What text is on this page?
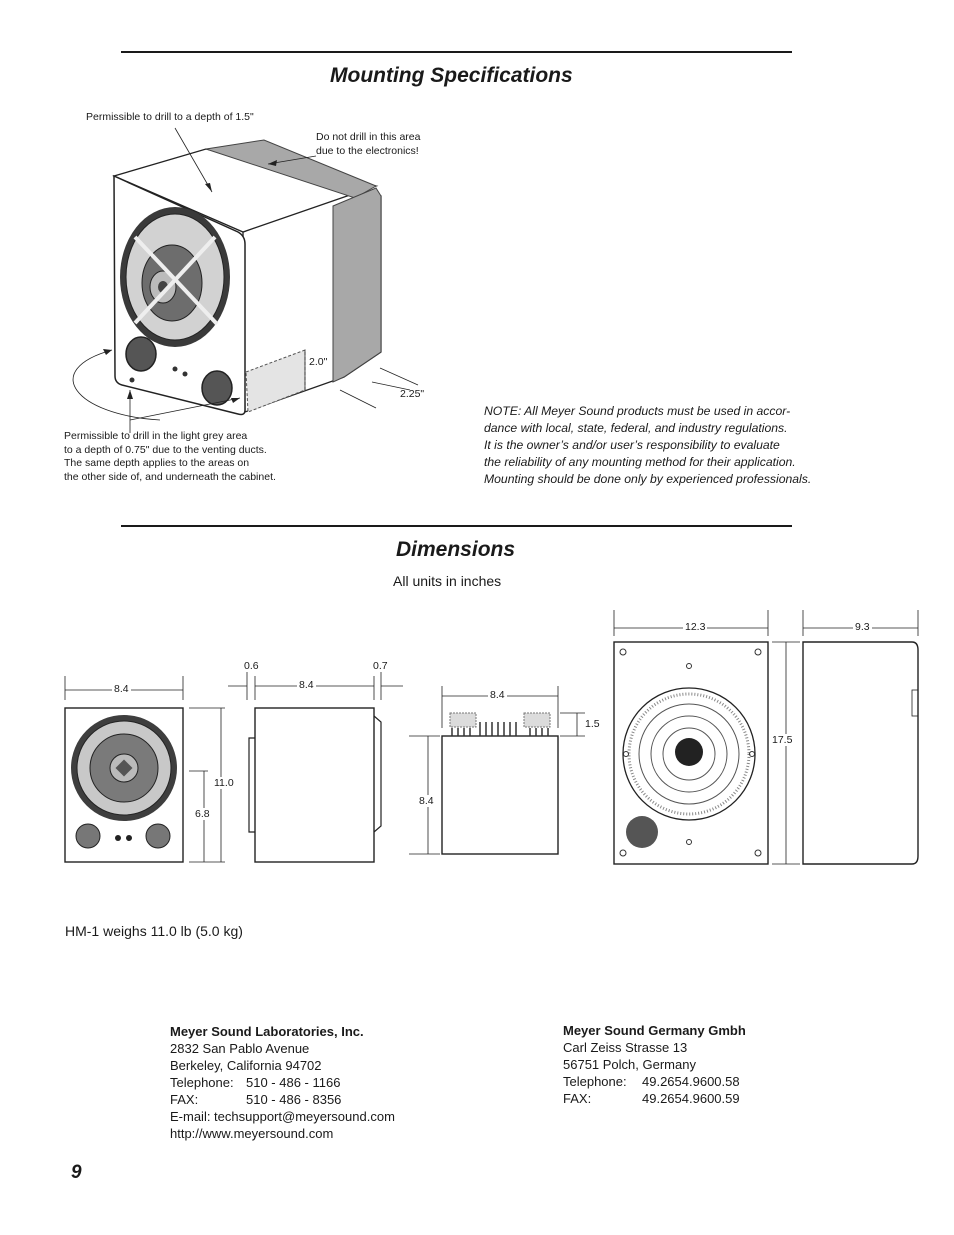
Mounting Specifications
Permissible to drill to a depth of 1.5"
Do not drill in this area
due to the electronics!
2.0"
2.25"
Permissible to drill in the light grey area
to a depth of 0.75" due to the venting ducts.
The same depth applies to the areas on
the other side of, and underneath the cabinet.
NOTE: All Meyer Sound products must be used in accor-
dance with local, state, federal, and industry regulations.
It is the owner’s and/or user’s responsibility to evaluate
the reliability of any mounting method for their application.
Mounting should be done only by experienced professionals.
Dimensions
All units in inches
8.4
11.0
6.8
8.4
0.6	0.7
8.4
1.5
8.4
12.3
17.5
9.3
HM-1 weighs 11.0 lb (5.0 kg)
Meyer Sound Laboratories, Inc.
2832 San Pablo Avenue
Berkeley, California 94702
Telephone: 510 - 486 - 1166
FAX:	510 - 486 - 8356
E-mail: techsupport@meyersound.com
http://www.meyersound.com
Meyer Sound Germany Gmbh
Carl Zeiss Strasse 13
56751 Polch, Germany
Telephone: 49.2654.9600.58
FAX:	49.2654.9600.59
9
